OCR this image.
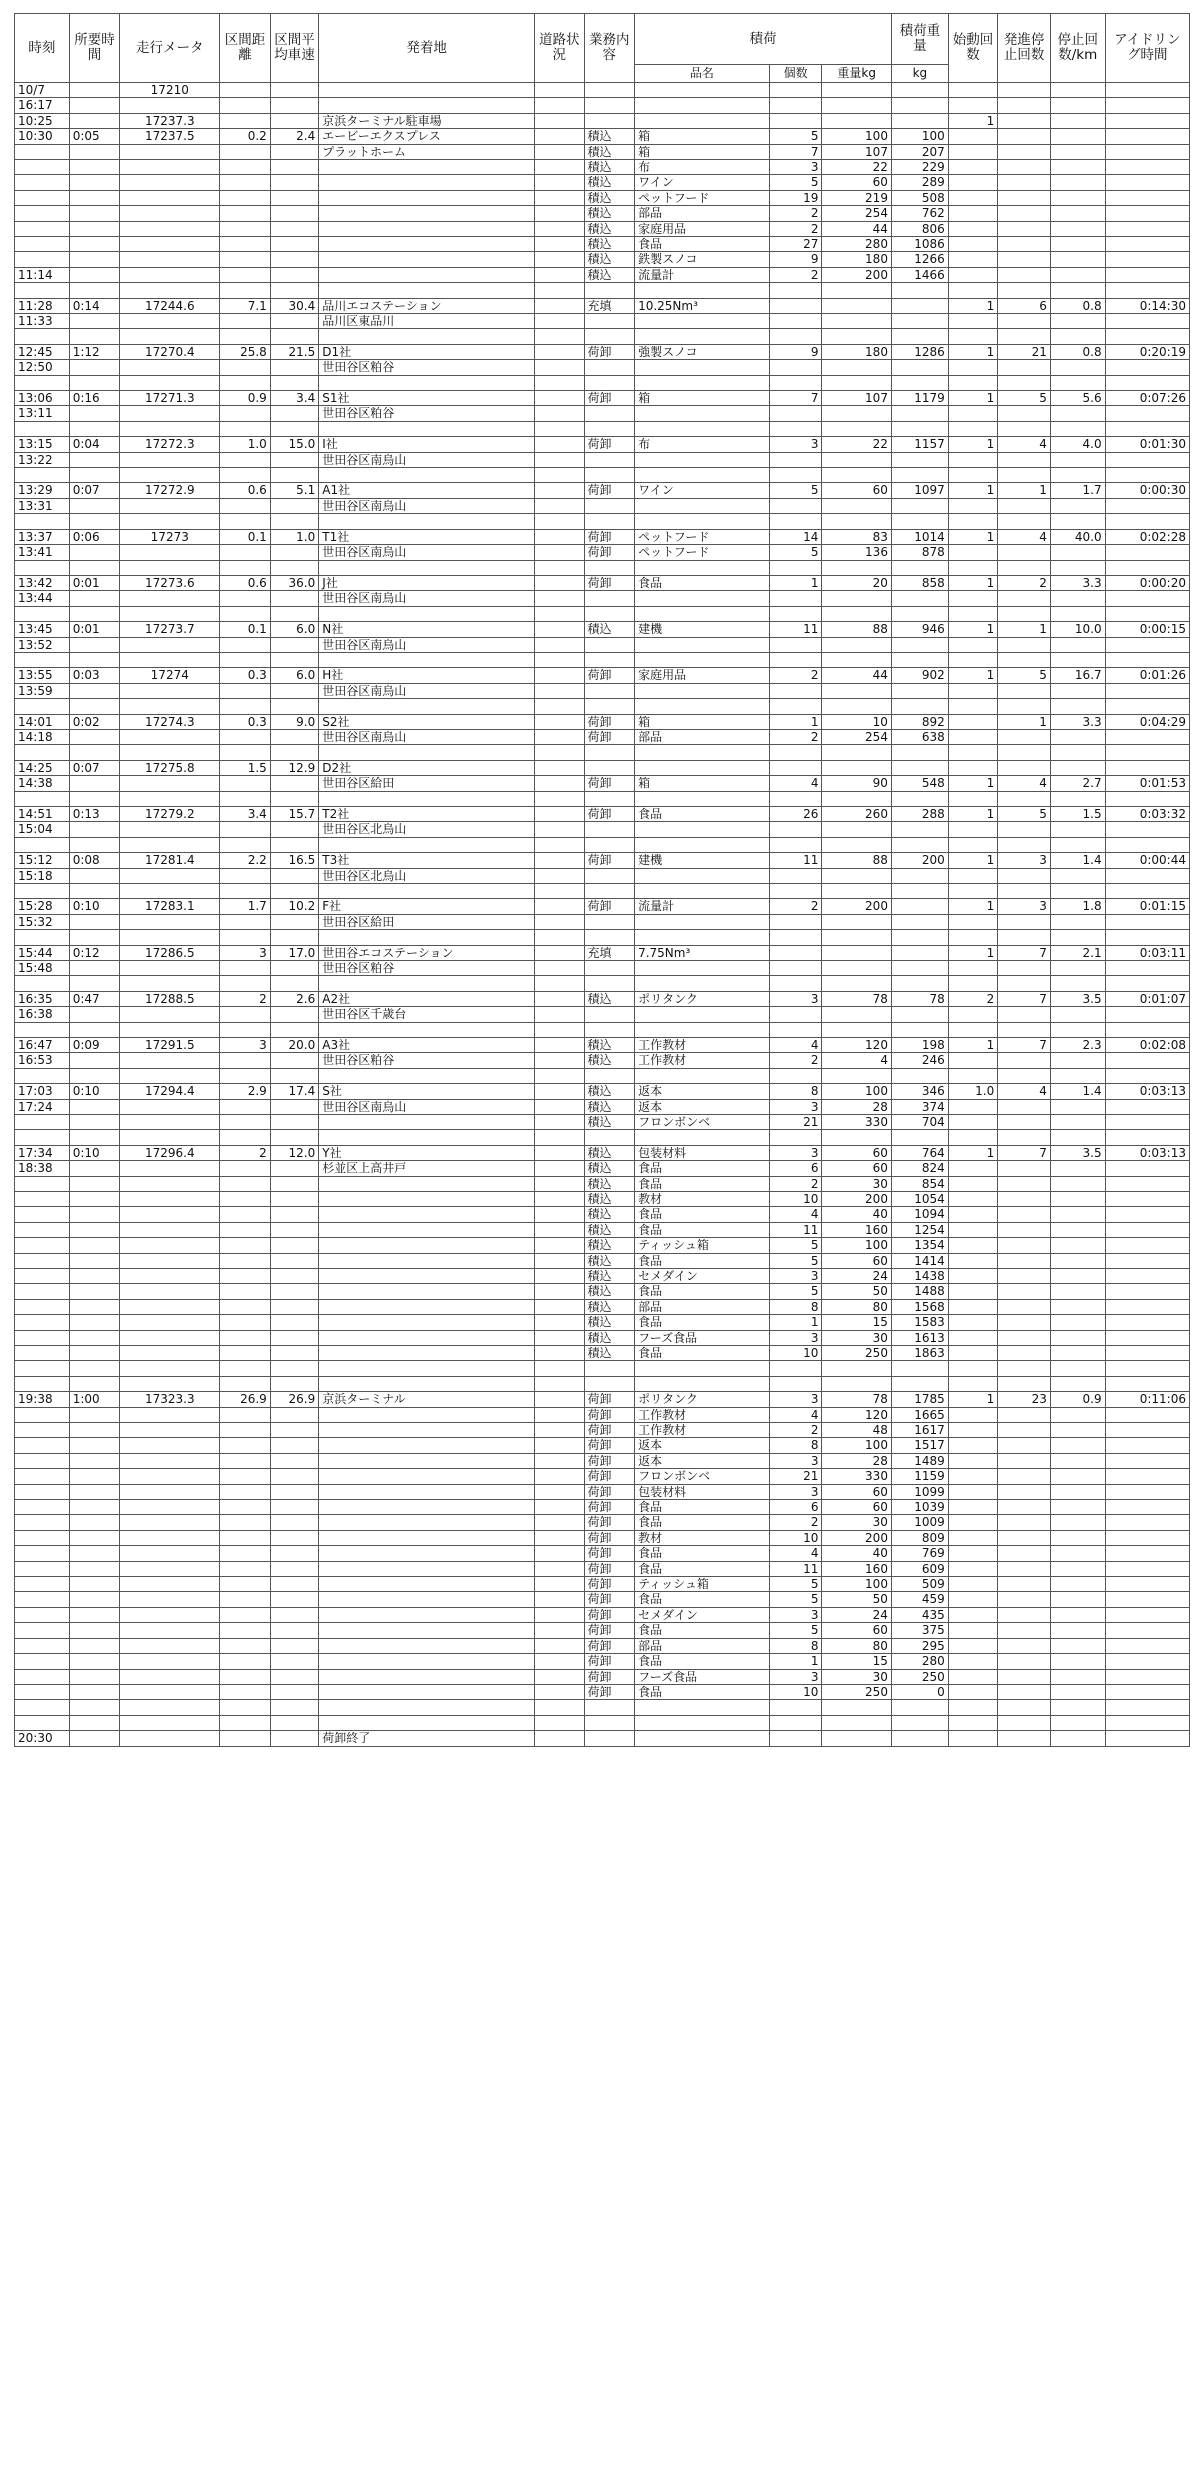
時刻	所要時間	走行メータ	区間距離	区間平均車速	発着地	道路状況	業務内容	積荷			積荷重量	始動回数	発進停止回数	停止回数/km	アイドリング時間
								品名	個数	重量kg	kg				
10/7		17210													
16:17															
10:25		17237.3			京浜ターミナル駐車場							1			
10:30	0:05	17237.5	0.2	2.4	エービーエクスプレス		積込	箱	5	100	100				
					プラットホーム		積込	箱	7	107	207				
							積込	布	3	22	229				
							積込	ワイン	5	60	289				
							積込	ペットフード	19	219	508				
							積込	部品	2	254	762				
							積込	家庭用品	2	44	806				
							積込	食品	27	280	1086				
							積込	鉄製スノコ	9	180	1266				
11:14							積込	流量計	2	200	1466				

11:28	0:14	17244.6	7.1	30.4	品川エコステーション		充填	10.25Nm³				1	6	0.8	0:14:30
11:33					品川区東品川										

12:45	1:12	17270.4	25.8	21.5	D1社		荷卸	強製スノコ	9	180	1286	1	21	0.8	0:20:19
12:50					世田谷区粕谷										

13:06	0:16	17271.3	0.9	3.4	S1社		荷卸	箱	7	107	1179	1	5	5.6	0:07:26
13:11					世田谷区粕谷										

13:15	0:04	17272.3	1.0	15.0	I社		荷卸	布	3	22	1157	1	4	4.0	0:01:30
13:22					世田谷区南烏山										

13:29	0:07	17272.9	0.6	5.1	A1社		荷卸	ワイン	5	60	1097	1	1	1.7	0:00:30
13:31					世田谷区南烏山										

13:37	0:06	17273	0.1	1.0	T1社		荷卸	ペットフード	14	83	1014	1	4	40.0	0:02:28
13:41					世田谷区南烏山		荷卸	ペットフード	5	136	878				

13:42	0:01	17273.6	0.6	36.0	J社		荷卸	食品	1	20	858	1	2	3.3	0:00:20
13:44					世田谷区南烏山										

13:45	0:01	17273.7	0.1	6.0	N社		積込	建機	11	88	946	1	1	10.0	0:00:15
13:52					世田谷区南烏山										

13:55	0:03	17274	0.3	6.0	H社		荷卸	家庭用品	2	44	902	1	5	16.7	0:01:26
13:59					世田谷区南烏山										

14:01	0:02	17274.3	0.3	9.0	S2社		荷卸	箱	1	10	892		1	3.3	0:04:29
14:18					世田谷区南烏山		荷卸	部品	2	254	638				

14:25	0:07	17275.8	1.5	12.9	D2社										
14:38					世田谷区給田		荷卸	箱	4	90	548	1	4	2.7	0:01:53

14:51	0:13	17279.2	3.4	15.7	T2社		荷卸	食品	26	260	288	1	5	1.5	0:03:32
15:04					世田谷区北烏山										

15:12	0:08	17281.4	2.2	16.5	T3社		荷卸	建機	11	88	200	1	3	1.4	0:00:44
15:18					世田谷区北烏山										

15:28	0:10	17283.1	1.7	10.2	F社		荷卸	流量計	2	200		1	3	1.8	0:01:15
15:32					世田谷区給田										

15:44	0:12	17286.5	3	17.0	世田谷エコステーション		充填	7.75Nm³				1	7	2.1	0:03:11
15:48					世田谷区粕谷										

16:35	0:47	17288.5	2	2.6	A2社		積込	ポリタンク	3	78	78	2	7	3.5	0:01:07
16:38					世田谷区千歳台										

16:47	0:09	17291.5	3	20.0	A3社		積込	工作教材	4	120	198	1	7	2.3	0:02:08
16:53					世田谷区粕谷		積込	工作教材	2	4	246				

17:03	0:10	17294.4	2.9	17.4	S社		積込	返本	8	100	346	1.0	4	1.4	0:03:13
17:24					世田谷区南烏山		積込	返本	3	28	374				
							積込	フロンボンベ	21	330	704				

17:34	0:10	17296.4	2	12.0	Y社		積込	包装材料	3	60	764	1	7	3.5	0:03:13
18:38					杉並区上高井戸		積込	食品	6	60	824				
							積込	食品	2	30	854				
							積込	教材	10	200	1054				
							積込	食品	4	40	1094				
							積込	食品	11	160	1254				
							積込	ティッシュ箱	5	100	1354				
							積込	食品	5	60	1414				
							積込	セメダイン	3	24	1438				
							積込	食品	5	50	1488				
							積込	部品	8	80	1568				
							積込	食品	1	15	1583				
							積込	フーズ食品	3	30	1613				
							積込	食品	10	250	1863				

19:38	1:00	17323.3	26.9	26.9	京浜ターミナル		荷卸	ポリタンク	3	78	1785	1	23	0.9	0:11:06
							荷卸	工作教材	4	120	1665				
							荷卸	工作教材	2	48	1617				
							荷卸	返本	8	100	1517				
							荷卸	返本	3	28	1489				
							荷卸	フロンボンベ	21	330	1159				
							荷卸	包装材料	3	60	1099				
							荷卸	食品	6	60	1039				
							荷卸	食品	2	30	1009				
							荷卸	教材	10	200	809				
							荷卸	食品	4	40	769				
							荷卸	食品	11	160	609				
							荷卸	ティッシュ箱	5	100	509				
							荷卸	食品	5	50	459				
							荷卸	セメダイン	3	24	435				
							荷卸	食品	5	60	375				
							荷卸	部品	8	80	295				
							荷卸	食品	1	15	280				
							荷卸	フーズ食品	3	30	250				
							荷卸	食品	10	250	0				

20:30					荷卸終了										
